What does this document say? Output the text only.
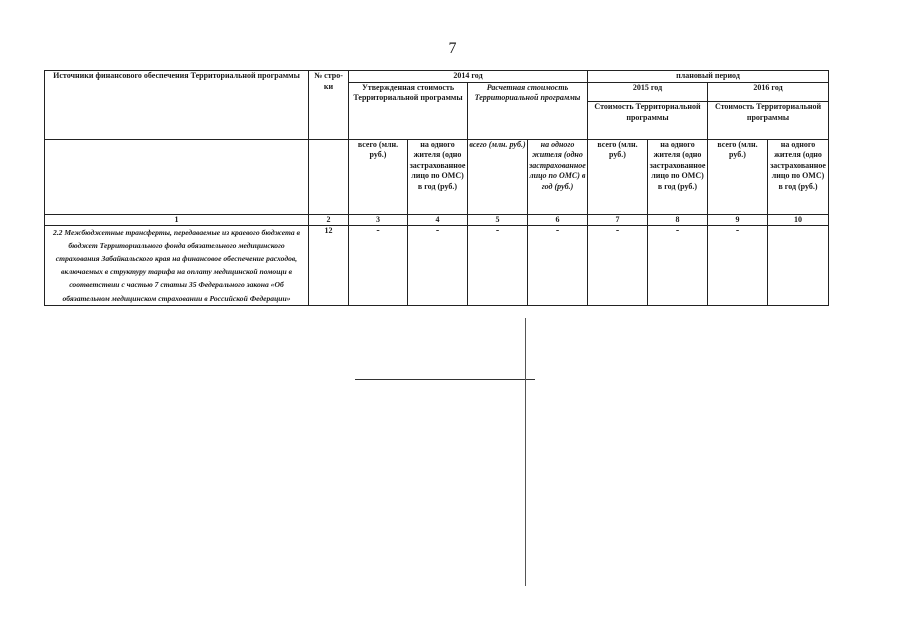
7
Источники финансового обеспечения Территориальной программы	№ стро-ки	2014 год				плановый период			
		Утвержденная стоимость Территориальной программы		Расчетная стоимость Территориальной программы		2015 год		2016 год	
						Стоимость Территориальной программы		Стоимость Территориальной программы	
		всего (млн. руб.)	на одного жителя (одно застрахованное лицо по ОМС) в год (руб.)	всего (млн. руб.)	на одного жителя (одно застрахованное лицо по ОМС) в год (руб.)	всего (млн. руб.)	на одного жителя (одно застрахованное лицо по ОМС) в год (руб.)	всего (млн. руб.)	на одного жителя (одно застрахованное лицо по ОМС) в год (руб.)
1	2	3	4	5	6	7	8	9	10
2.2 Межбюджетные трансферты, передаваемые из краевого бюджета в бюджет Территориального фонда обязательного медицинского страхования Забайкальского края на финансовое обеспечение расходов, включаемых в структуру тарифа на оплату медицинской помощи в соответствии с частью 7 статьи 35 Федерального закона «Об обязательном медицинском страховании в Российской Федерации»	12	-	-	-	-	-	-	-	
